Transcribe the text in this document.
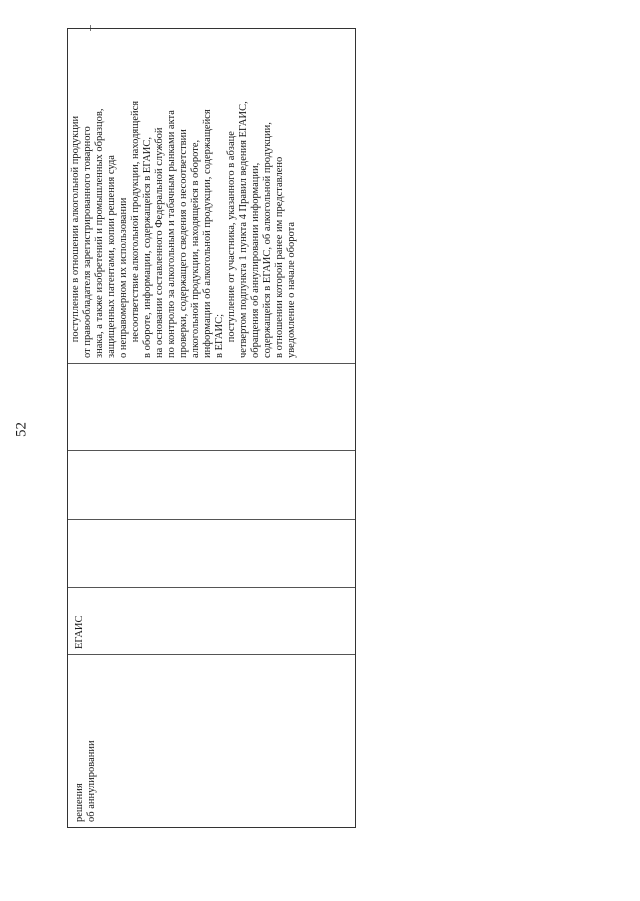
52
решения
об аннулировании
ЕГАИС
поступление в отношении алкогольной продукции
от правообладателя зарегистрированного товарного
знака, а также изобретений и промышленных образцов,
защищенных патентами, копии решения суда
о неправомерном их использовании
несоответствие алкогольной продукции, находящейся
в обороте, информации, содержащейся в ЕГАИС,
на основании составленного Федеральной службой
по контролю за алкогольным и табачным рынками акта
проверки, содержащего сведения о несоответствии
алкогольной продукции, находящейся в обороте,
информации об алкогольной продукции, содержащейся
в ЕГАИС;
поступление от участника, указанного в абзаце
четвертом подпункта 1 пункта 4 Правил ведения ЕГАИС,
обращения об аннулировании информации,
содержащейся в ЕГАИС, об алкогольной продукции,
в отношении которой ранее им представлено
уведомление о начале оборота
